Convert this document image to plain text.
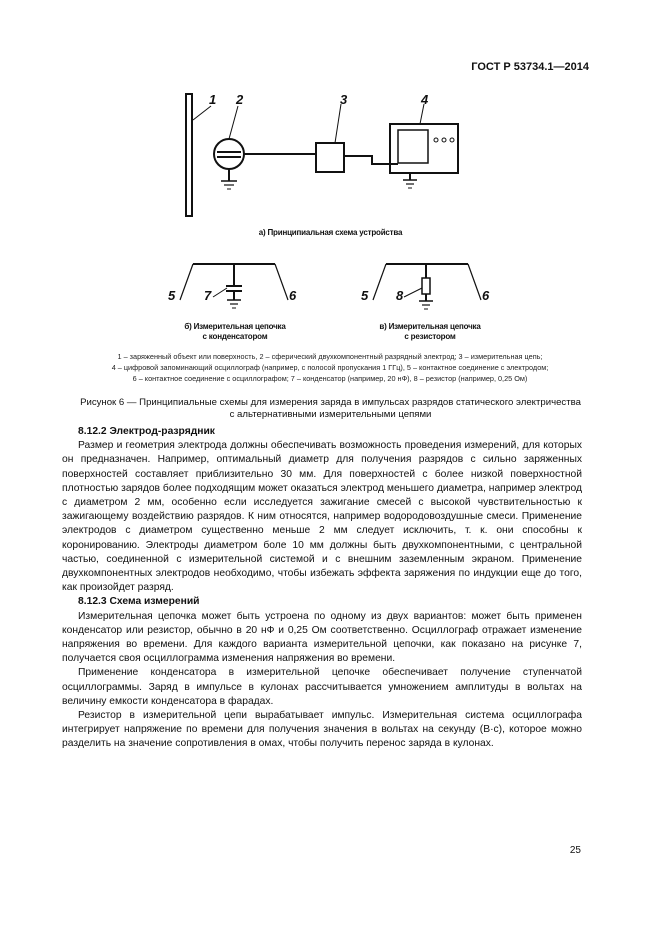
ГОСТ Р 53734.1—2014
1 2	3	4
5 7	6	5 8	6
а) Принципиальная схема устройства
б) Измерительная цепочка
с конденсатором
в) Измерительная цепочка
с резистором
1 – заряженный объект или поверхность, 2 – сферический двухкомпонентный разрядный электрод; 3 – измерительная цепь;
4 – цифровой запоминающий осциллограф (например, с полосой пропускания 1 ГГц), 5 – контактное соединение с электродом;
6 – контактное соединение с осциллографом; 7 – конденсатор (например, 20 нФ), 8 – резистор (например, 0,25 Ом)
Рисунок 6 — Принципиальные схемы для измерения заряда в импульсах разрядов статического электричества
с альтернативными измерительными цепями
8.12.2 Электрод-разрядник

Размер и геометрия электрода должны обеспечивать возможность проведения измерений, для которых он предназначен. Например, оптимальный диаметр для получения разрядов с сильно заряженных поверхностей составляет приблизительно 30 мм. Для поверхностей с более низкой поверхностной плотностью зарядов более подходящим может оказаться электрод меньшего диаметра, например электрод с диаметром 2 мм, особенно если исследуется зажигание смесей с высокой чувствительностью к зажигающему воздействию разрядов. К ним относятся, например водородовоздушные смеси. Применение электродов с диаметром существенно меньше 2 мм следует исключить, т. к. они способны к коронированию. Электроды диаметром боле 10 мм должны быть двухкомпонентными, с центральной частью, соединенной с измерительной системой и с внешним заземленным экраном. Применение двухкомпонентных электродов необходимо, чтобы избежать эффекта заряжения по индукции еще до того, как произойдет разряд.

8.12.3 Схема измерений

Измерительная цепочка может быть устроена по одному из двух вариантов: может быть применен конденсатор или резистор, обычно в 20 нФ и 0,25 Ом соответственно. Осциллограф отражает изменение напряжения во времени. Для каждого варианта измерительной цепочки, как показано на рисунке 7, получается своя осциллограмма изменения напряжения во времени.

Применение конденсатора в измерительной цепочке обеспечивает получение ступенчатой осциллограммы. Заряд в импульсе в кулонах рассчитывается умножением амплитуды в вольтах на величину емкости конденсатора в фарадах.

Резистор в измерительной цепи вырабатывает импульс. Измерительная система осциллографа интегрирует напряжение по времени для получения значения в вольтах на секунду (В·с), которое можно разделить на значение сопротивления в омах, чтобы получить перенос заряда в кулонах.

25
